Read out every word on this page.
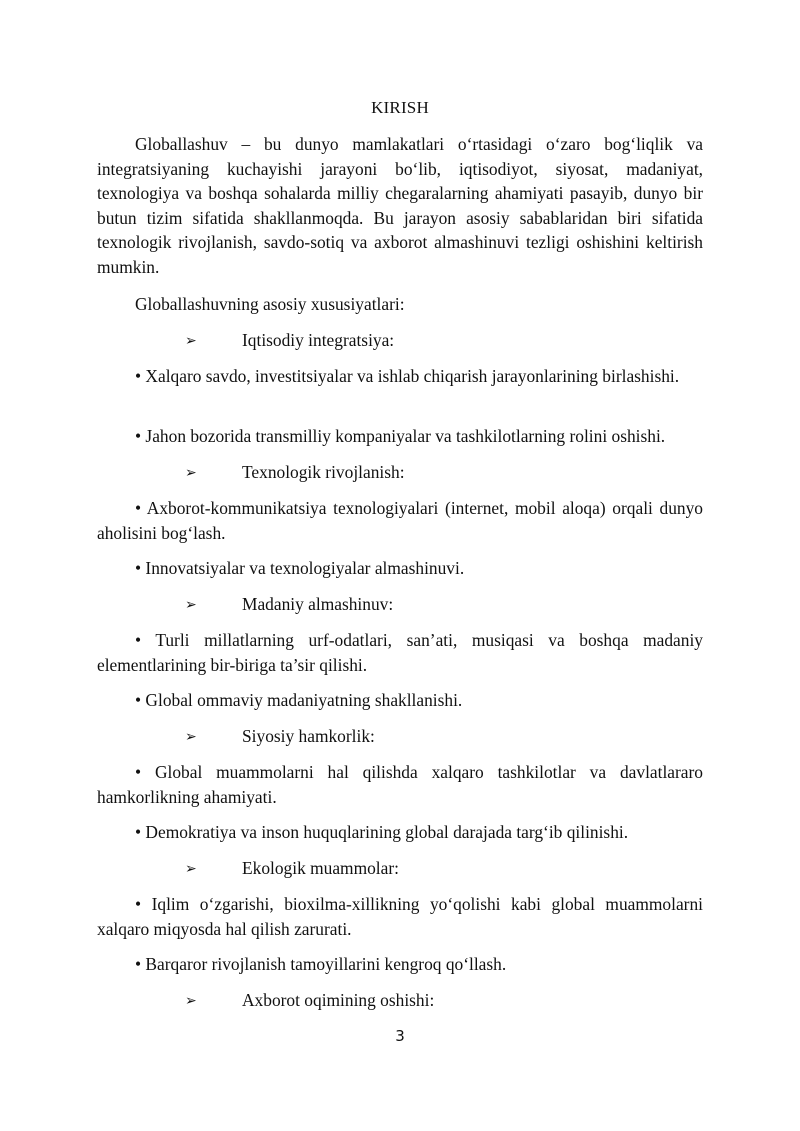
KIRISH
Globallashuv – bu dunyo mamlakatlari o‘rtasidagi o‘zaro bog‘liqlik va integratsiyaning kuchayishi jarayoni bo‘lib, iqtisodiyot, siyosat, madaniyat, texnologiya va boshqa sohalarda milliy chegaralarning ahamiyati pasayib, dunyo bir butun tizim sifatida shakllanmoqda. Bu jarayon asosiy sabablaridan biri sifatida texnologik rivojlanish, savdo-sotiq va axborot almashinuvi tezligi oshishini keltirish mumkin.
Globallashuvning asosiy xususiyatlari:
➢	Iqtisodiy integratsiya:
• Xalqaro savdo, investitsiyalar va ishlab chiqarish jarayonlarining birlashishi.
• Jahon bozorida transmilliy kompaniyalar va tashkilotlarning rolini oshishi.
➢	Texnologik rivojlanish:
• Axborot-kommunikatsiya texnologiyalari (internet, mobil aloqa) orqali dunyo aholisini bog‘lash.
• Innovatsiyalar va texnologiyalar almashinuvi.
➢	Madaniy almashinuv:
• Turli millatlarning urf-odatlari, san’ati, musiqasi va boshqa madaniy elementlarining bir-biriga ta’sir qilishi.
• Global ommaviy madaniyatning shakllanishi.
➢	Siyosiy hamkorlik:
• Global muammolarni hal qilishda xalqaro tashkilotlar va davlatlararo hamkorlikning ahamiyati.
• Demokratiya va inson huquqlarining global darajada targ‘ib qilinishi.
➢	Ekologik muammolar:
• Iqlim o‘zgarishi, bioxilma-xillikning yo‘qolishi kabi global muammolarni xalqaro miqyosda hal qilish zarurati.
• Barqaror rivojlanish tamoyillarini kengroq qo‘llash.
➢	Axborot oqimining oshishi:
3
